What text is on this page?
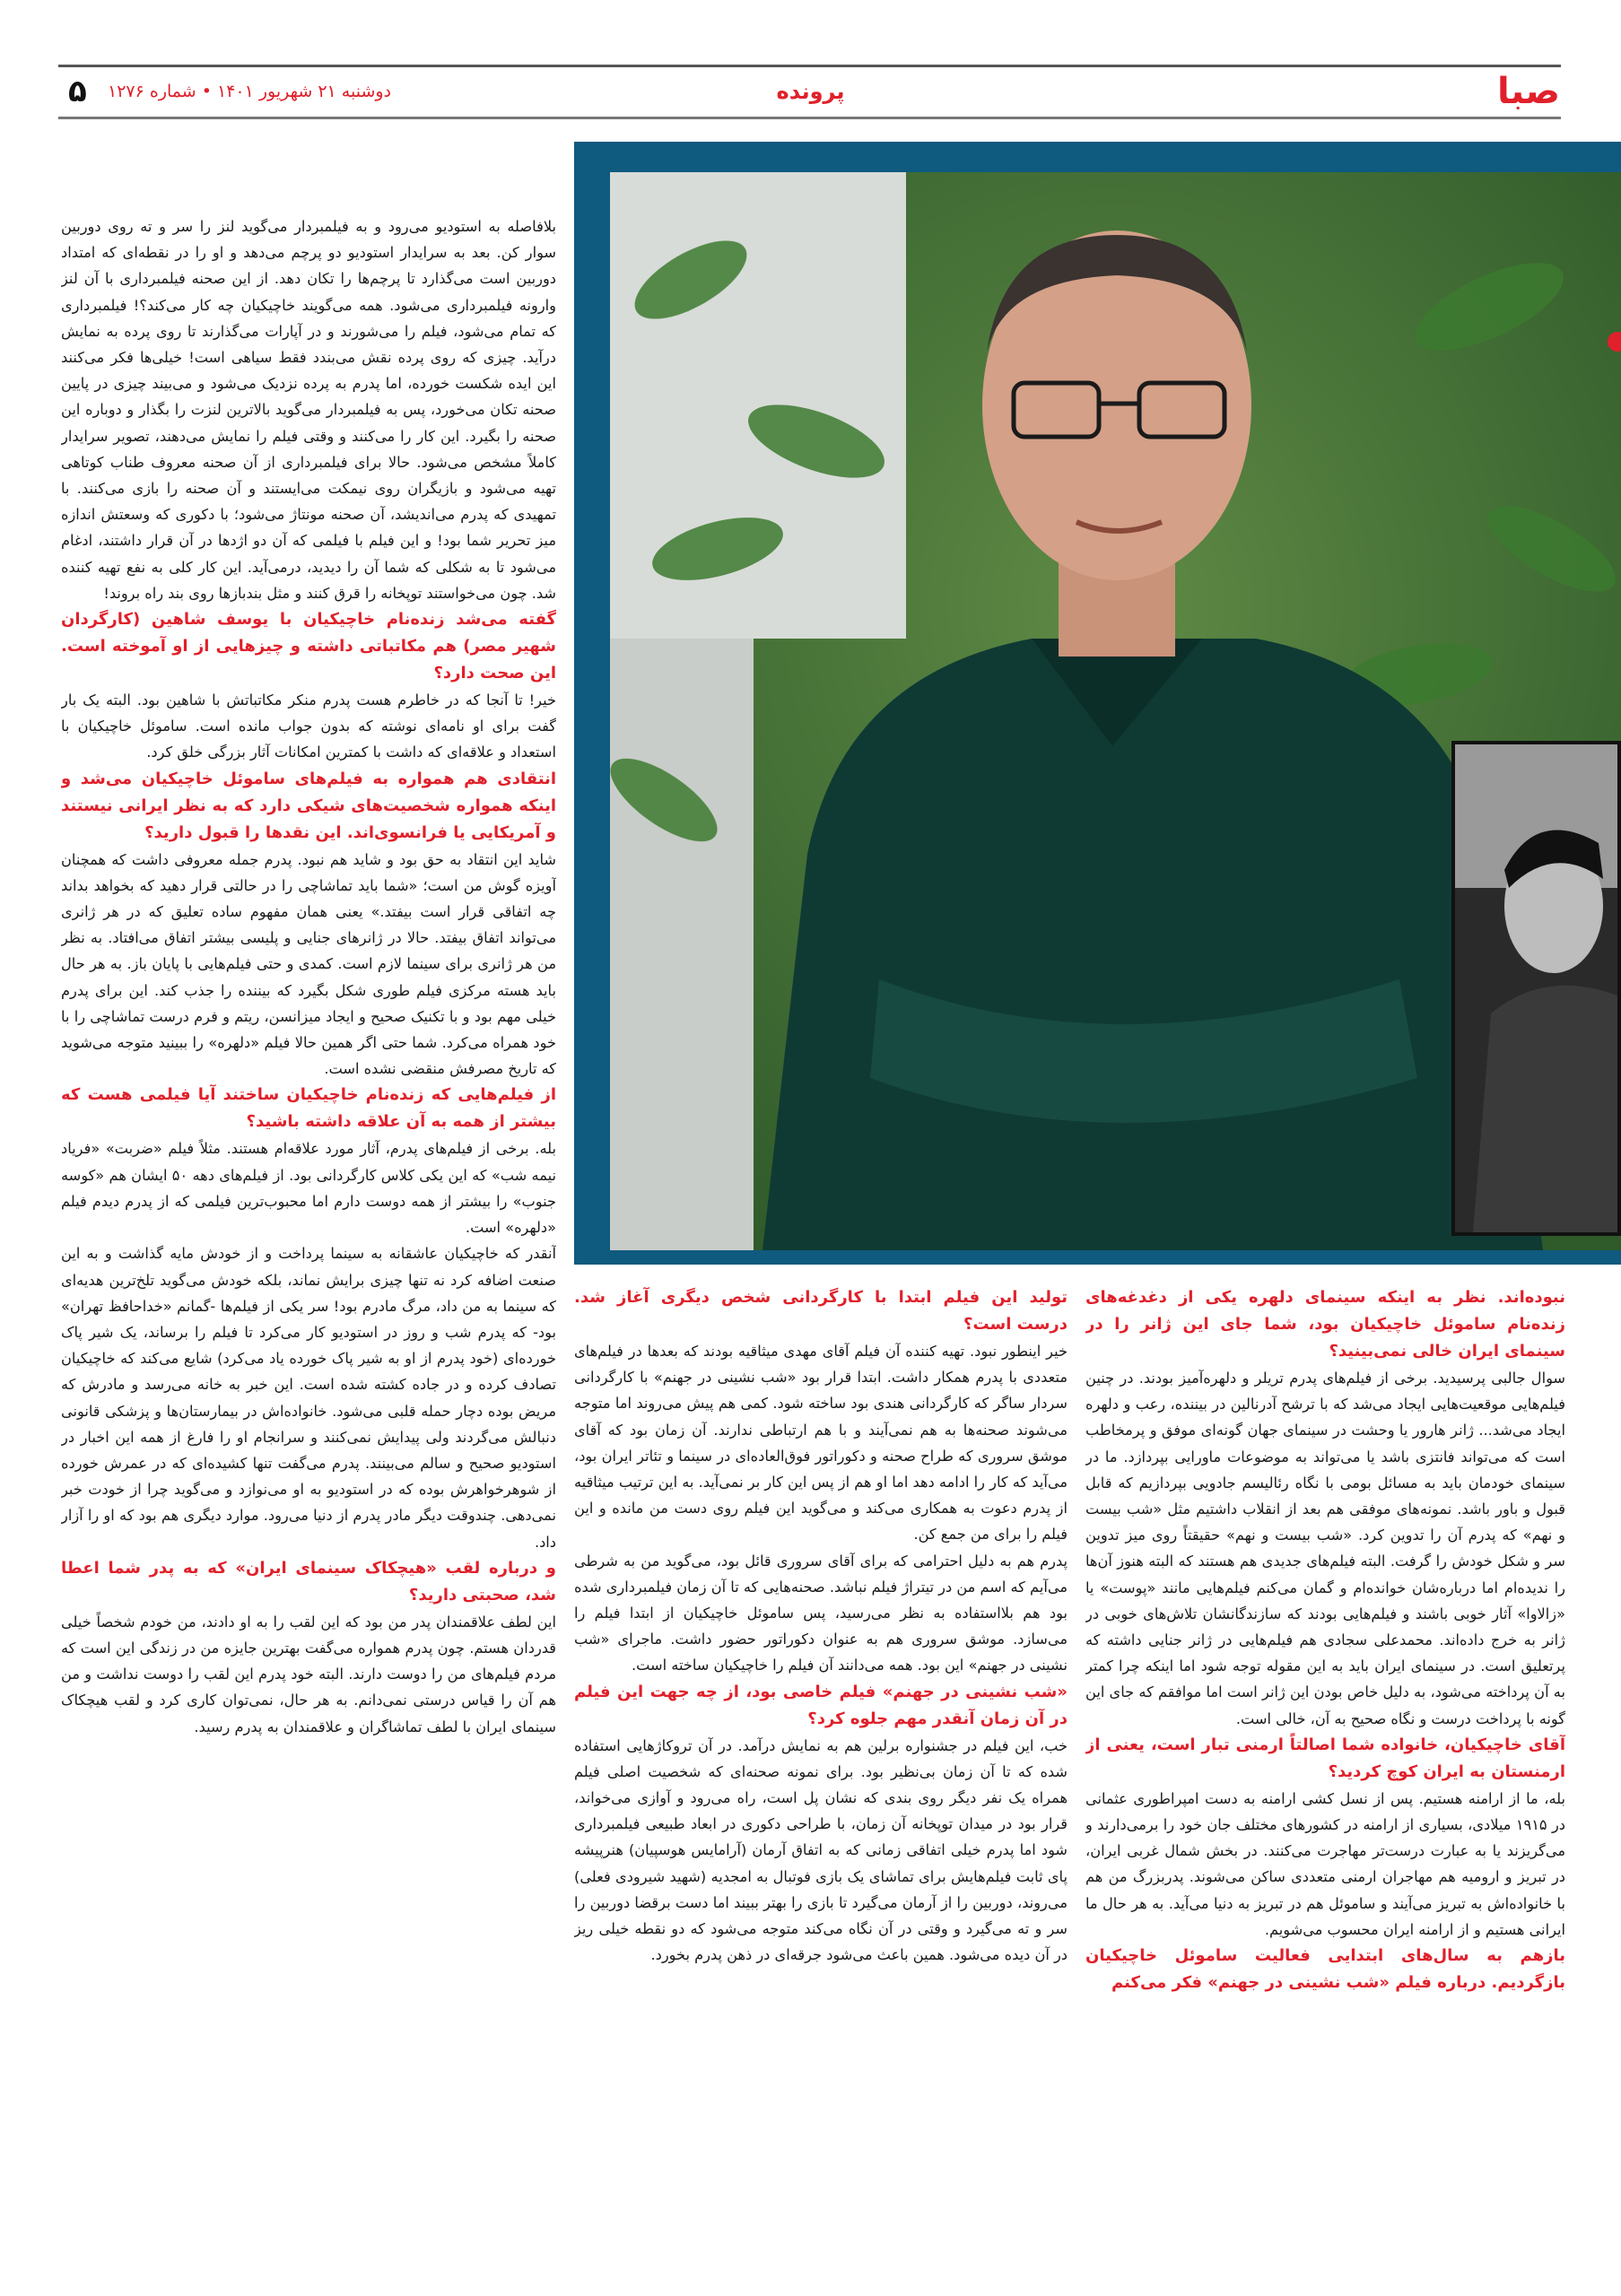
صبا
پرونده
دوشنبه ۲۱ شهریور ۱۴۰۱ • شماره ۱۲۷۶
۵

بلافاصله به استودیو می‌رود و به فیلمبردار می‌گوید لنز را سر و ته روی دوربین سوار کن. بعد به سرایدار استودیو دو پرچم می‌دهد و او را در نقطه‌ای که امتداد دوربین است می‌گذارد تا پرچم‌ها را تکان دهد. از این صحنه فیلمبرداری با آن لنز وارونه فیلمبرداری می‌شود. همه می‌گویند خاچیکیان چه کار می‌کند؟! فیلمبرداری که تمام می‌شود، فیلم را می‌شورند و در آپارات می‌گذارند تا روی پرده به نمایش درآید. چیزی که روی پرده نقش می‌بندد فقط سیاهی است! خیلی‌ها فکر می‌کنند این ایده شکست خورده، اما پدرم به پرده نزدیک می‌شود و می‌بیند چیزی در پایین صحنه تکان می‌خورد، پس به فیلمبردار می‌گوید بالاترین لنزت را بگذار و دوباره این صحنه را بگیرد. این کار را می‌کنند و وقتی فیلم را نمایش می‌دهند، تصویر سرایدار کاملاً مشخص می‌شود. حالا برای فیلمبرداری از آن صحنه معروف طناب کوتاهی تهیه می‌شود و بازیگران روی نیمکت می‌ایستند و آن صحنه را بازی می‌کنند. با تمهیدی که پدرم می‌اندیشد، آن صحنه مونتاژ می‌شود؛ با دکوری که وسعتش اندازه میز تحریر شما بود! و این فیلم با فیلمی که آن دو اژدها در آن قرار داشتند، ادغام می‌شود تا به شکلی که شما آن را دیدید، درمی‌آید. این کار کلی به نفع تهیه کننده شد. چون می‌خواستند توپخانه را قرق کنند و مثل بندبازها روی بند راه بروند!

گفته می‌شد زنده‌نام خاچیکیان با یوسف شاهین (کارگردان شهیر مصر) هم مکاتباتی داشته و چیزهایی از او آموخته است. این صحت دارد؟

خیر! تا آنجا که در خاطرم هست پدرم منکر مکاتباتش با شاهین بود. البته یک بار گفت برای او نامه‌ای نوشته که بدون جواب مانده است. ساموئل خاچیکیان با استعداد و علاقه‌ای که داشت با کمترین امکانات آثار بزرگی خلق کرد.

انتقادی هم همواره به فیلم‌های ساموئل خاچیکیان می‌شد و اینکه همواره شخصیت‌های شیکی دارد که به نظر ایرانی نیستند و آمریکایی یا فرانسوی‌اند. این نقدها را قبول دارید؟

شاید این انتقاد به حق بود و شاید هم نبود. پدرم جمله معروفی داشت که همچنان آویزه گوش من است؛ «شما باید تماشاچی را در حالتی قرار دهید که بخواهد بداند چه اتفاقی قرار است بیفتد.» یعنی همان مفهوم ساده تعلیق که در هر ژانری می‌تواند اتفاق بیفتد. حالا در ژانرهای جنایی و پلیسی بیشتر اتفاق می‌افتاد. به نظر من هر ژانری برای سینما لازم است. کمدی و حتی فیلم‌هایی با پایان باز. به هر حال باید هسته مرکزی فیلم طوری شکل بگیرد که بیننده را جذب کند. این برای پدرم خیلی مهم بود و با تکنیک صحیح و ایجاد میزانسن، ریتم و فرم درست تماشاچی را با خود همراه می‌کرد. شما حتی اگر همین حالا فیلم «دلهره» را ببینید متوجه می‌شوید که تاریخ مصرفش منقضی نشده است.

از فیلم‌هایی که زنده‌نام خاچیکیان ساختند آیا فیلمی هست که بیشتر از همه به آن علاقه داشته باشید؟

بله. برخی از فیلم‌های پدرم، آثار مورد علاقه‌ام هستند. مثلاً فیلم «ضربت» «فریاد نیمه شب» که این یکی کلاس کارگردانی بود. از فیلم‌های دهه ۵۰ ایشان هم «کوسه جنوب» را بیشتر از همه دوست دارم اما محبوب‌ترین فیلمی که از پدرم دیدم فیلم «دلهره» است.

آنقدر که خاچیکیان عاشقانه به سینما پرداخت و از خودش مایه گذاشت و به این صنعت اضافه کرد نه تنها چیزی برایش نماند، بلکه خودش می‌گوید تلخ‌ترین هدیه‌ای که سینما به من داد، مرگ مادرم بود! سر یکی از فیلم‌ها -گمانم «خداحافظ تهران» بود- که پدرم شب و روز در استودیو کار می‌کرد تا فیلم را برساند، یک شیر پاک خورده‌ای (خود پدرم از او به شیر پاک خورده یاد می‌کرد) شایع می‌کند که خاچیکیان تصادف کرده و در جاده کشته شده است. این خبر به خانه می‌رسد و مادرش که مریض بوده دچار حمله قلبی می‌شود. خانواده‌اش در بیمارستان‌ها و پزشکی قانونی دنبالش می‌گردند ولی پیدایش نمی‌کنند و سرانجام او را فارغ از همه این اخبار در استودیو صحیح و سالم می‌بینند. پدرم می‌گفت تنها کشیده‌ای که در عمرش خورده از شوهرخواهرش بوده که در استودیو به او می‌نوازد و می‌گوید چرا از خودت خبر نمی‌دهی. چندوقت دیگر مادر پدرم از دنیا می‌رود. موارد دیگری هم بود که او را آزار داد.

و درباره لقب «هیچکاک سینمای ایران» که به پدر شما اعطا شد، صحبتی دارید؟

این لطف علاقمندان پدر من بود که این لقب را به او دادند، من خودم شخصاً خیلی قدردان هستم. چون پدرم همواره می‌گفت بهترین جایزه من در زندگی این است که مردم فیلم‌های من را دوست دارند. البته خود پدرم این لقب را دوست نداشت و من هم آن را قیاس درستی نمی‌دانم. به هر حال، نمی‌توان کاری کرد و لقب هیچکاک سینمای ایران با لطف تماشاگران و علاقمندان به پدرم رسید.

تولید این فیلم ابتدا با کارگردانی شخص دیگری آغاز شد. درست است؟

خیر اینطور نبود. تهیه کننده آن فیلم آقای مهدی میثاقیه بودند که بعدها در فیلم‌های متعددی با پدرم همکار داشت. ابتدا قرار بود «شب نشینی در جهنم» با کارگردانی سردار ساگر که کارگردانی هندی بود ساخته شود. کمی هم پیش می‌روند اما متوجه می‌شوند صحنه‌ها به هم نمی‌آیند و با هم ارتباطی ندارند. آن زمان بود که آقای موشق سروری که طراح صحنه و دکوراتور فوق‌العاده‌ای در سینما و تئاتر ایران بود، می‌آید که کار را ادامه دهد اما او هم از پس این کار بر نمی‌آید. به این ترتیب میثاقیه از پدرم دعوت به همکاری می‌کند و می‌گوید این فیلم روی دست من مانده و این فیلم را برای من جمع کن.

پدرم هم به دلیل احترامی که برای آقای سروری قائل بود، می‌گوید من به شرطی می‌آیم که اسم من در تیتراژ فیلم نباشد. صحنه‌هایی که تا آن زمان فیلمبرداری شده بود هم بلااستفاده به نظر می‌رسید، پس ساموئل خاچیکیان از ابتدا فیلم را می‌سازد. موشق سروری هم به عنوان دکوراتور حضور داشت. ماجرای «شب نشینی در جهنم» این بود. همه می‌دانند آن فیلم را خاچیکیان ساخته است.

«شب نشینی در جهنم» فیلم خاصی بود، از چه جهت این فیلم در آن زمان آنقدر مهم جلوه کرد؟

خب، این فیلم در جشنواره برلین هم به نمایش درآمد. در آن تروکاژهایی استفاده شده که تا آن زمان بی‌نظیر بود. برای نمونه صحنه‌ای که شخصیت اصلی فیلم همراه یک نفر دیگر روی بندی که نشان پل است، راه می‌رود و آوازی می‌خواند، قرار بود در میدان توپخانه آن زمان، با طراحی دکوری در ابعاد طبیعی فیلمبرداری شود اما پدرم خیلی اتفاقی زمانی که به اتفاق آرمان (آرامایس هوسپیان) هنرپیشه پای ثابت فیلم‌هایش برای تماشای یک بازی فوتبال به امجدیه (شهید شیرودی فعلی) می‌روند، دوربین را از آرمان می‌گیرد تا بازی را بهتر ببیند اما دست برقضا دوربین را سر و ته می‌گیرد و وقتی در آن نگاه می‌کند متوجه می‌شود که دو نقطه خیلی ریز در آن دیده می‌شود. همین باعث می‌شود جرقه‌ای در ذهن پدرم بخورد.

نبوده‌اند. نظر به اینکه سینمای دلهره یکی از دغدغه‌های زنده‌نام ساموئل خاچیکیان بود، شما جای این ژانر را در سینمای ایران خالی نمی‌بینید؟

سوال جالبی پرسیدید. برخی از فیلم‌های پدرم تریلر و دلهره‌آمیز بودند. در چنین فیلم‌هایی موقعیت‌هایی ایجاد می‌شد که با ترشح آدرنالین در بیننده، رعب و دلهره ایجاد می‌شد... ژانر هارور یا وحشت در سینمای جهان گونه‌ای موفق و پرمخاطب است که می‌تواند فانتزی باشد یا می‌تواند به موضوعات ماورایی بپردازد. ما در سینمای خودمان باید به مسائل بومی با نگاه رئالیسم جادویی بپردازیم که قابل قبول و باور باشد. نمونه‌های موفقی هم بعد از انقلاب داشتیم مثل «شب بیست و نهم» که پدرم آن را تدوین کرد. «شب بیست و نهم» حقیقتاً روی میز تدوین سر و شکل خودش را گرفت. البته فیلم‌های جدیدی هم هستند که البته هنوز آن‌ها را ندیده‌ام اما درباره‌شان خوانده‌ام و گمان می‌کنم فیلم‌هایی مانند «پوست» یا «زالاوا» آثار خوبی باشند و فیلم‌هایی بودند که سازندگانشان تلاش‌های خوبی در ژانر به خرج داده‌اند. محمدعلی سجادی هم فیلم‌هایی در ژانر جنایی داشته که پرتعلیق است. در سینمای ایران باید به این مقوله توجه شود اما اینکه چرا کمتر به آن پرداخته می‌شود، به دلیل خاص بودن این ژانر است اما موافقم که جای این گونه با پرداخت درست و نگاه صحیح به آن، خالی است.

آقای خاچیکیان، خانواده شما اصالتاً ارمنی تبار است، یعنی از ارمنستان به ایران کوچ کردید؟

بله، ما از ارامنه هستیم. پس از نسل کشی ارامنه به دست امپراطوری عثمانی در ۱۹۱۵ میلادی، بسیاری از ارامنه در کشورهای مختلف جان خود را برمی‌دارند و می‌گریزند یا به عبارت درست‌تر مهاجرت می‌کنند. در بخش شمال غربی ایران، در تبریز و ارومیه هم مهاجران ارمنی متعددی ساکن می‌شوند. پدربزرگ من هم با خانواده‌اش به تبریز می‌آیند و ساموئل هم در تبریز به دنیا می‌آید. به هر حال ما ایرانی هستیم و از ارامنه ایران محسوب می‌شویم.

بازهم به سال‌های ابتدایی فعالیت ساموئل خاچیکیان بازگردیم. درباره فیلم «شب نشینی در جهنم» فکر می‌کنم
